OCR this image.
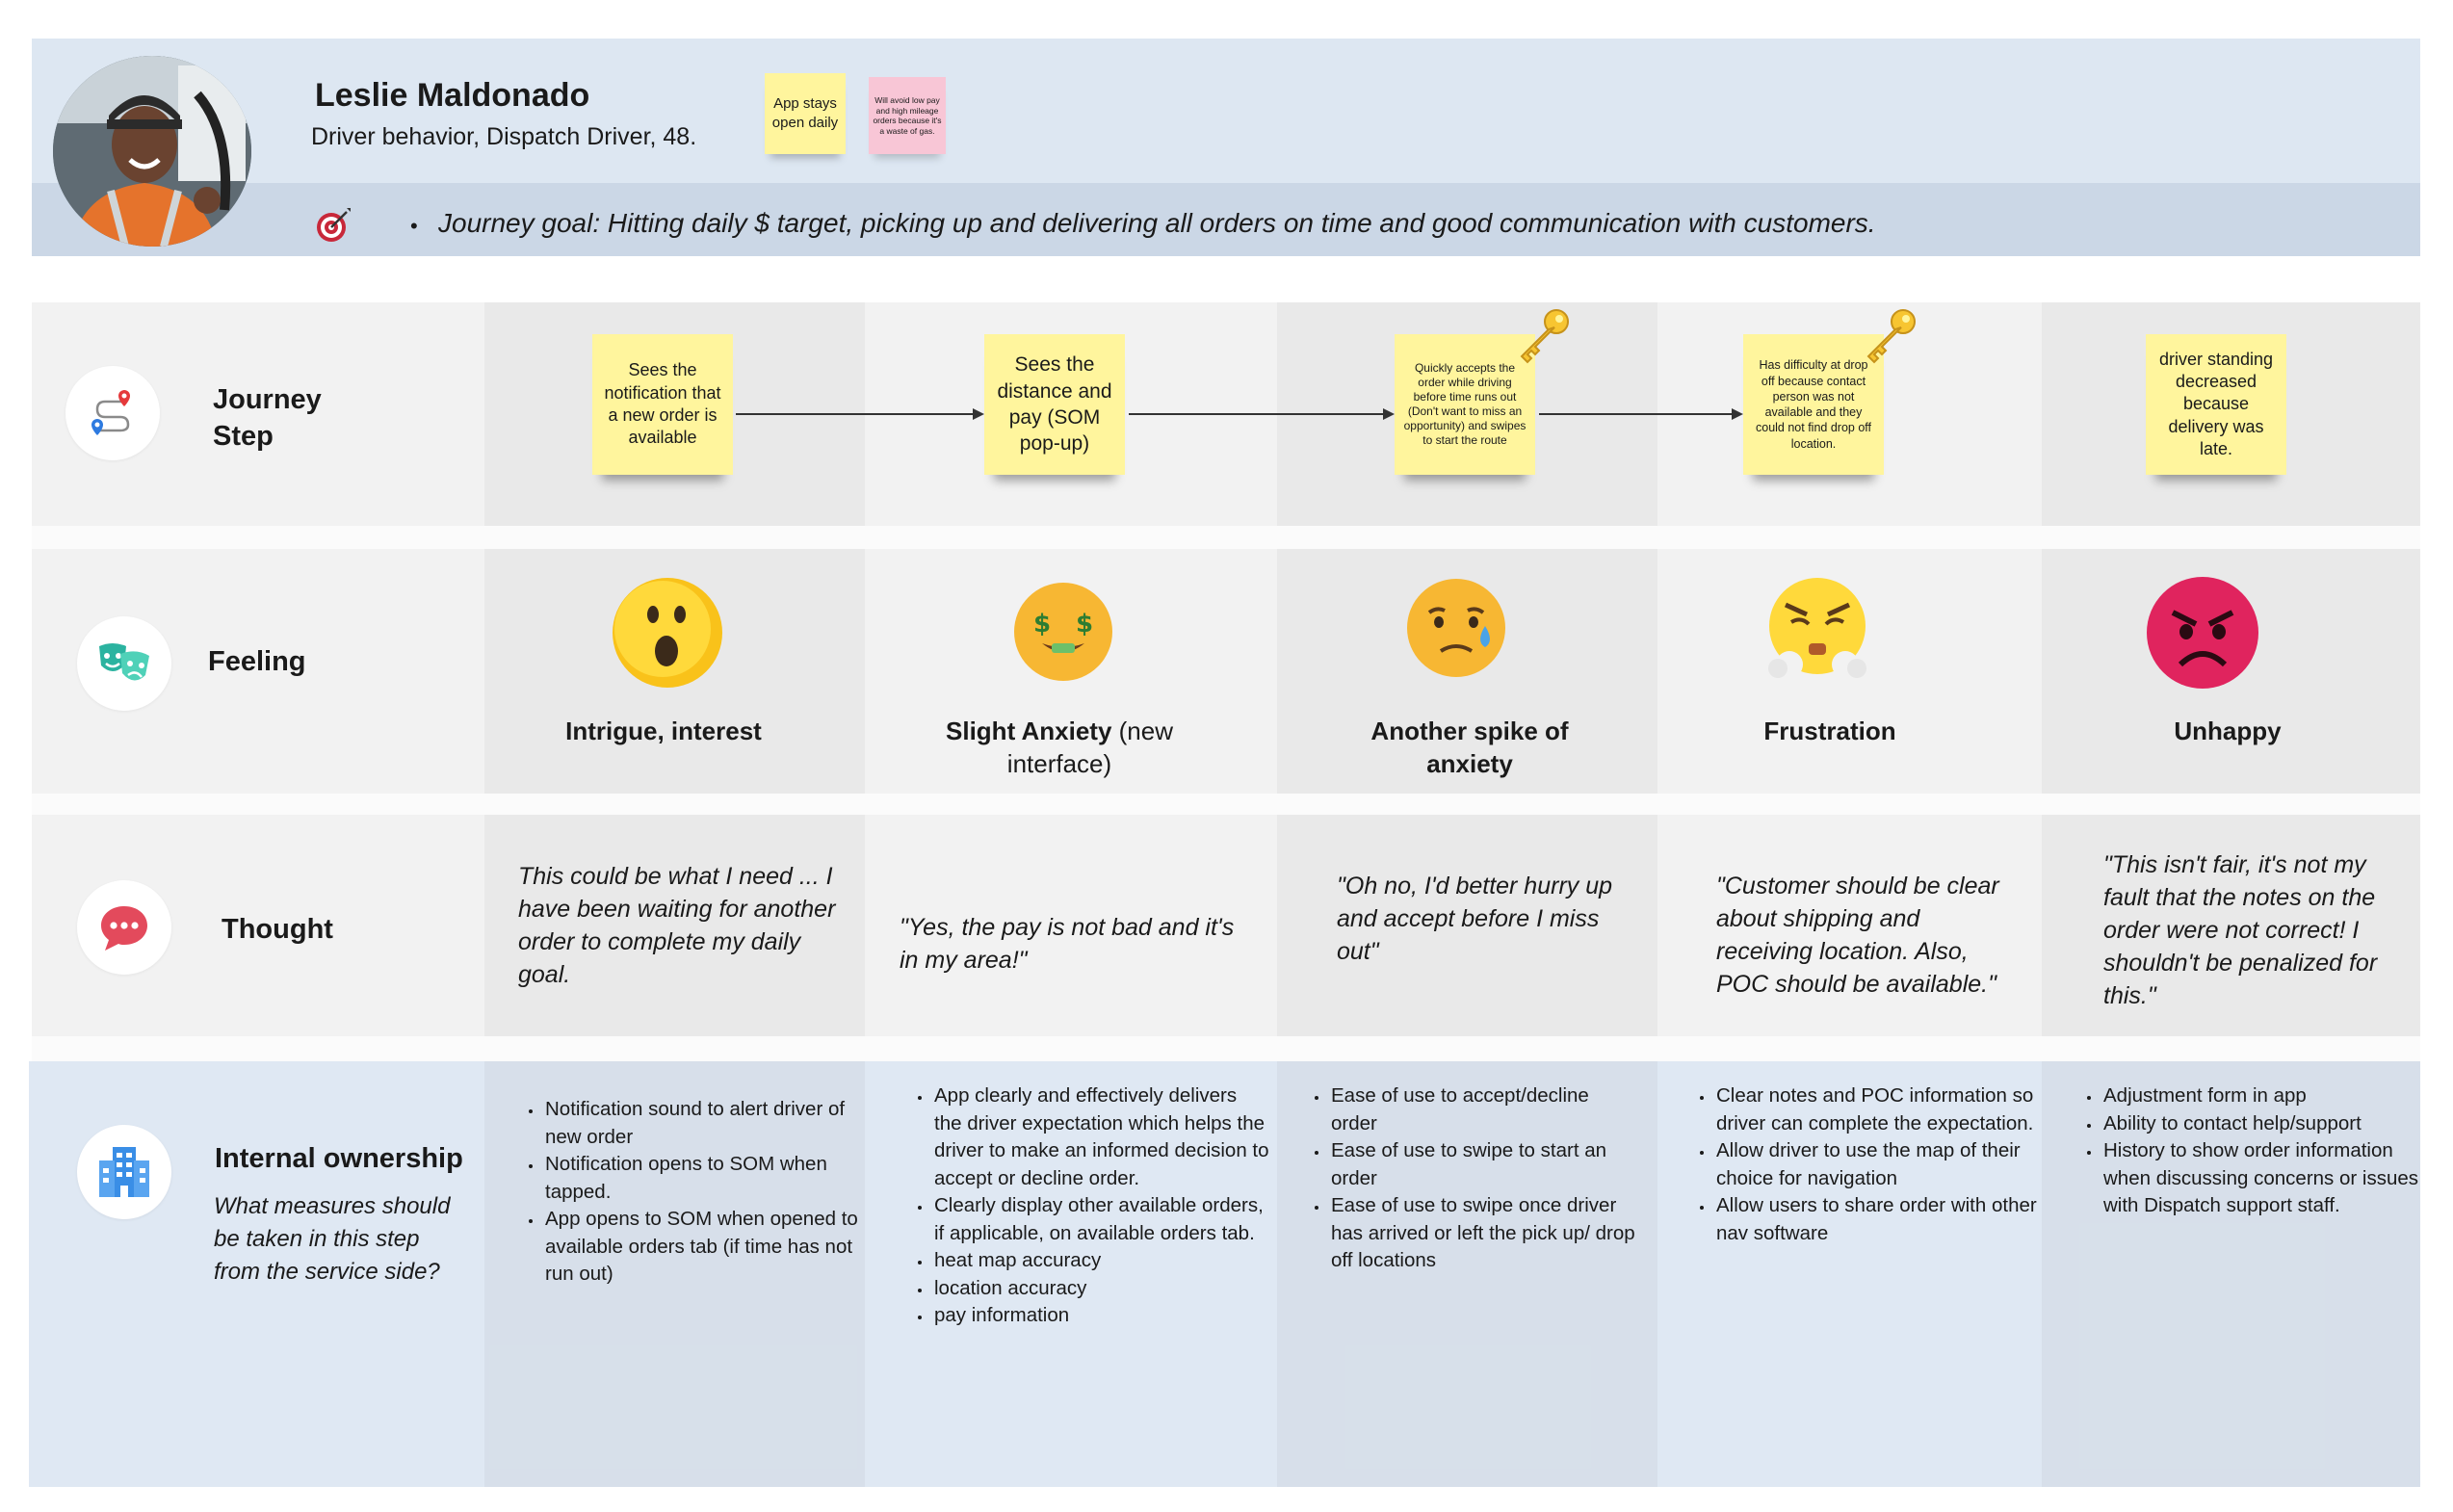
Leslie Maldonado
Driver behavior, Dispatch Driver, 48.
App stays open daily
Will avoid low pay and high mileage orders because it's a waste of gas.
• Journey goal: Hitting daily $ target, picking up and delivering all orders on time and good communication with customers.
Journey Step
Feeling
Thought
Internal ownership
What measures should be taken in this step from the service side?
Sees the notification that a new order is available
Sees the distance and pay (SOM pop-up)
Quickly accepts the order while driving before time runs out (Don't want to miss an opportunity) and swipes to start the route
Has difficulty at drop off because contact person was not available and they could not find drop off location.
driver standing decreased because delivery was late.
$ $
Intrigue, interest	Slight Anxiety (new interface)
Another spike of anxiety
Frustration	Unhappy
This could be what I need ... I have been waiting for another order to complete my daily goal.
"Yes, the pay is not bad and it's in my area!"
"Oh no, I'd better hurry up and accept before I miss out"
"Customer should be clear about shipping and receiving location. Also, POC should be available."
"This isn't fair, it's not my fault that the notes on the order were not correct! I shouldn't be penalized for this."
• Notification sound to alert driver of new order
• Notification opens to SOM when tapped.
• App opens to SOM when opened to available orders tab (if time has not run out)
• App clearly and effectively delivers the driver expectation which helps the driver to make an informed decision to accept or decline order.
• Clearly display other available orders, if applicable, on available orders tab.
• heat map accuracy
• location accuracy
• pay information
• Ease of use to accept/decline order
• Ease of use to swipe to start an order
• Ease of use to swipe once driver has arrived or left the pick up/ drop off locations
• Clear notes and POC information so driver can complete the expectation.
• Allow driver to use the map of their choice for navigation
• Allow users to share order with other nav software
• Adjustment form in app
• Ability to contact help/support
• History to show order information when discussing concerns or issues with Dispatch support staff.
